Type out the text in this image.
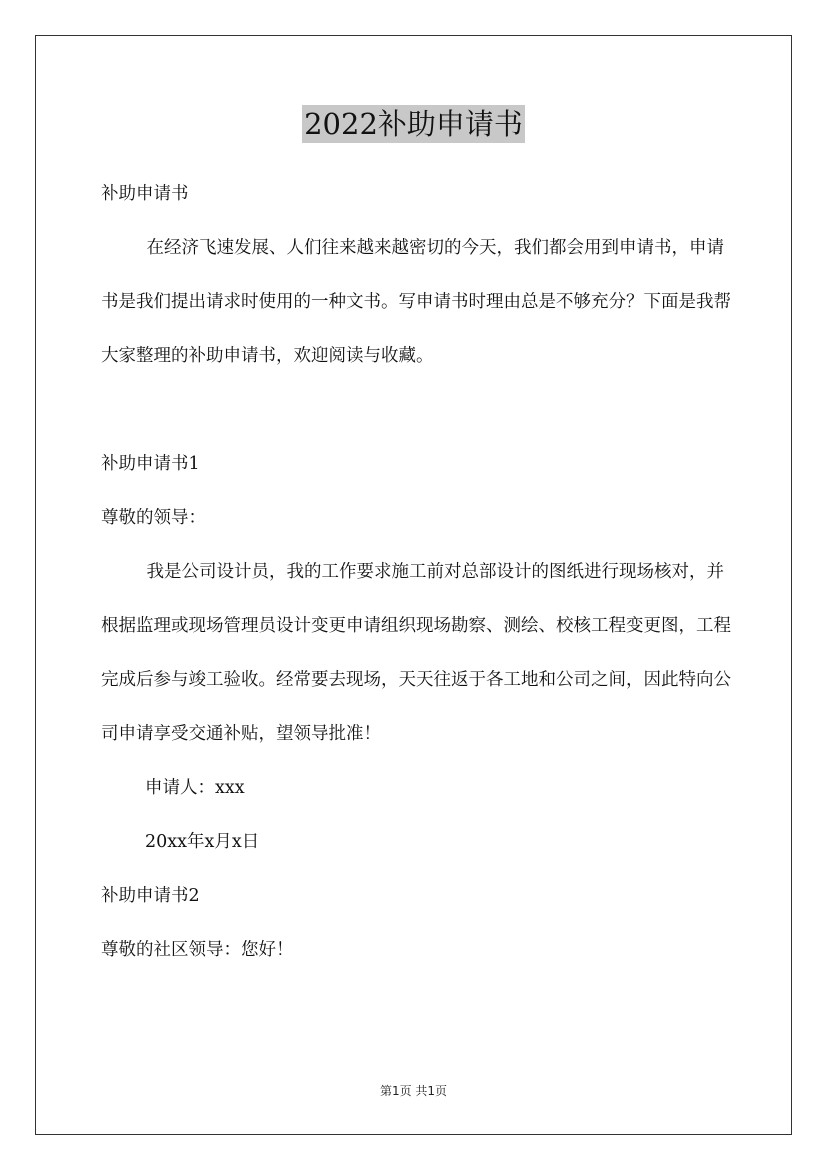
2022补助申请书

补助申请书

在经济飞速发展、人们往来越来越密切的今天，我们都会用到申请书，申请书是我们提出请求时使用的一种文书。写申请书时理由总是不够充分？下面是我帮大家整理的补助申请书，欢迎阅读与收藏。

补助申请书1

尊敬的领导：

我是公司设计员，我的工作要求施工前对总部设计的图纸进行现场核对，并根据监理或现场管理员设计变更申请组织现场勘察、测绘、校核工程变更图，工程完成后参与竣工验收。经常要去现场，天天往返于各工地和公司之间，因此特向公司申请享受交通补贴，望领导批准！

申请人：xxx

20xx年x月x日

补助申请书2

尊敬的社区领导：您好！

第1页 共1页
